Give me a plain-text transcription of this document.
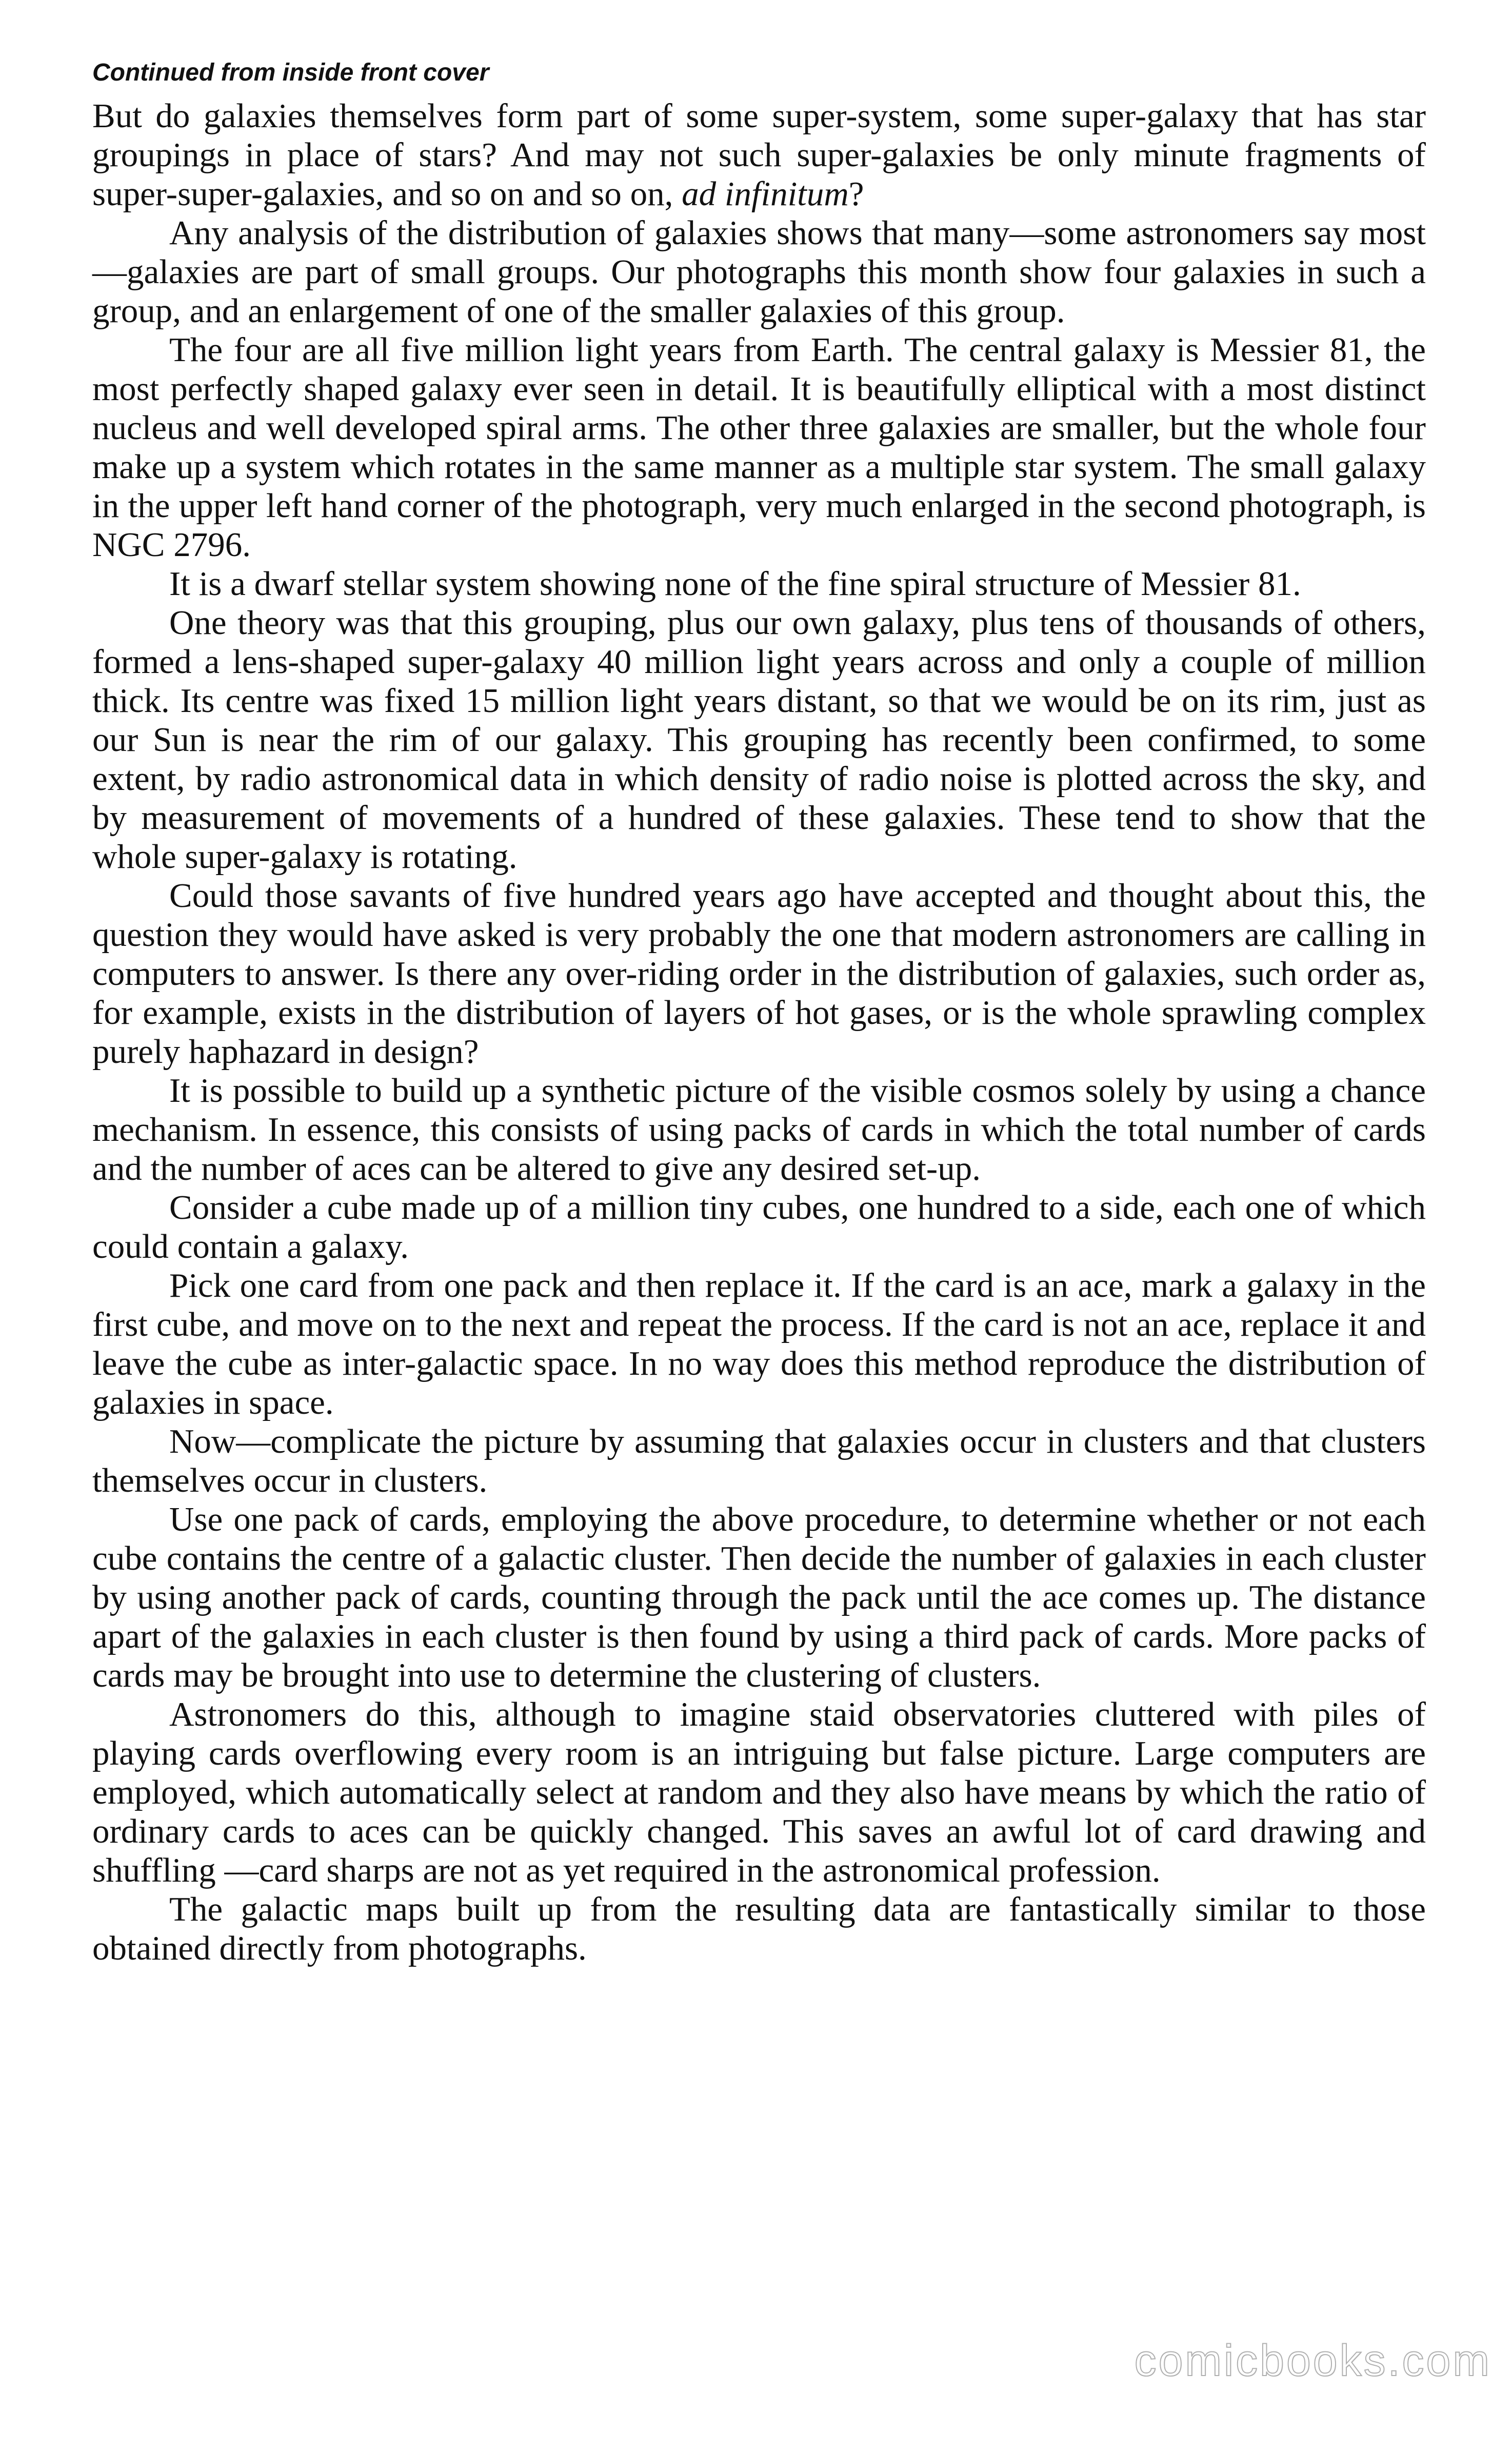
Continued from inside front cover

But do galaxies themselves form part of some super-system, some super-galaxy that has star groupings in place of stars? And may not such super-galaxies be only minute fragments of super-super-galaxies, and so on and so on, ad infinitum?

Any analysis of the distribution of galaxies shows that many—some astronomers say most—galaxies are part of small groups. Our photographs this month show four galaxies in such a group, and an enlargement of one of the smaller galaxies of this group.

The four are all five million light years from Earth. The central galaxy is Messier 81, the most perfectly shaped galaxy ever seen in detail. It is beautifully elliptical with a most distinct nucleus and well developed spiral arms. The other three galaxies are smaller, but the whole four make up a system which rotates in the same manner as a multiple star system. The small galaxy in the upper left hand corner of the photograph, very much enlarged in the second photograph, is NGC 2796.

It is a dwarf stellar system showing none of the fine spiral structure of Messier 81.

One theory was that this grouping, plus our own galaxy, plus tens of thousands of others, formed a lens-shaped super-galaxy 40 million light years across and only a couple of million thick. Its centre was fixed 15 million light years distant, so that we would be on its rim, just as our Sun is near the rim of our galaxy. This grouping has recently been confirmed, to some extent, by radio astronomical data in which density of radio noise is plotted across the sky, and by measurement of movements of a hundred of these galaxies. These tend to show that the whole super-galaxy is rotating.

Could those savants of five hundred years ago have accepted and thought about this, the question they would have asked is very probably the one that modern astronomers are calling in computers to answer. Is there any over-riding order in the distribution of galaxies, such order as, for example, exists in the distribution of layers of hot gases, or is the whole sprawling complex purely haphazard in design?

It is possible to build up a synthetic picture of the visible cosmos solely by using a chance mechanism. In essence, this consists of using packs of cards in which the total number of cards and the number of aces can be altered to give any desired set-up.

Consider a cube made up of a million tiny cubes, one hundred to a side, each one of which could contain a galaxy.

Pick one card from one pack and then replace it. If the card is an ace, mark a galaxy in the first cube, and move on to the next and repeat the process. If the card is not an ace, replace it and leave the cube as inter-galactic space. In no way does this method reproduce the distribution of galaxies in space.

Now—complicate the picture by assuming that galaxies occur in clusters and that clusters themselves occur in clusters.

Use one pack of cards, employing the above procedure, to determine whether or not each cube contains the centre of a galactic cluster. Then decide the number of galaxies in each cluster by using another pack of cards, counting through the pack until the ace comes up. The distance apart of the galaxies in each cluster is then found by using a third pack of cards. More packs of cards may be brought into use to determine the clustering of clusters.

Astronomers do this, although to imagine staid observatories cluttered with piles of playing cards overflowing every room is an intriguing but false picture. Large computers are employed, which automatically select at random and they also have means by which the ratio of ordinary cards to aces can be quickly changed. This saves an awful lot of card drawing and shuffling —card sharps are not as yet required in the astronomical profession.

The galactic maps built up from the resulting data are fantastically similar to those obtained directly from photographs.

comicbooks.com
